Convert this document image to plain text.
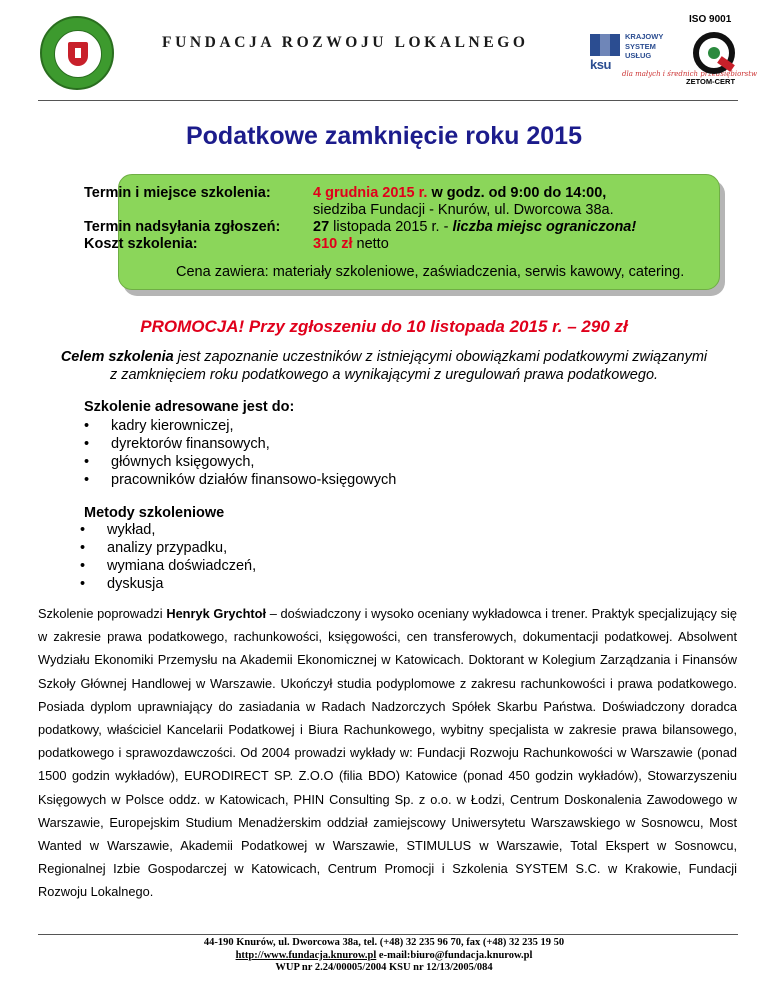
FUNDACJA ROZWOJU LOKALNEGO
ksu
KRAJOWY
SYSTEM
USŁUG
dla małych i średnich przedsiębiorstw
ISO 9001
ZETOM-CERT
Podatkowe zamknięcie roku 2015
Termin i miejsce szkolenia:	4 grudnia 2015 r. w godz. od 9:00 do 14:00,
siedziba Fundacji - Knurów, ul. Dworcowa 38a.
Termin nadsyłania zgłoszeń: 27 listopada 2015 r. - liczba miejsc ograniczona!
Koszt szkolenia:	310 zł netto
Cena zawiera: materiały szkoleniowe, zaświadczenia, serwis kawowy, catering.
PROMOCJA! Przy zgłoszeniu do 10 listopada 2015 r. – 290 zł
Celem szkolenia jest zapoznanie uczestników z istniejącymi obowiązkami podatkowymi związanymi
z zamknięciem roku podatkowego a wynikającymi z uregulowań prawa podatkowego.
Szkolenie adresowane jest do:
• kadry kierowniczej,
• dyrektorów finansowych,
• głównych księgowych,
• pracowników działów finansowo-księgowych
Metody szkoleniowe
• wykład,
• analizy przypadku,
• wymiana doświadczeń,
• dyskusja

Szkolenie poprowadzi Henryk Grychtoł – doświadczony i wysoko oceniany wykładowca i trener. Praktyk specjalizujący się w zakresie prawa podatkowego, rachunkowości, księgowości, cen transferowych, dokumentacji podatkowej. Absolwent Wydziału Ekonomiki Przemysłu na Akademii Ekonomicznej w Katowicach. Doktorant w Kolegium Zarządzania i Finansów Szkoły Głównej Handlowej w Warszawie. Ukończył studia podyplomowe z zakresu rachunkowości i prawa podatkowego. Posiada dyplom uprawniający do zasiadania w Radach Nadzorczych Spółek Skarbu Państwa. Doświadczony doradca podatkowy, właściciel Kancelarii Podatkowej i Biura Rachunkowego, wybitny specjalista w zakresie prawa bilansowego, podatkowego i sprawozdawczości. Od 2004 prowadzi wykłady w: Fundacji Rozwoju Rachunkowości w Warszawie (ponad 1500 godzin wykładów), EURODIRECT SP. Z.O.O (filia BDO) Katowice (ponad 450 godzin wykładów), Stowarzyszeniu Księgowych w Polsce oddz. w Katowicach, PHIN Consulting Sp. z o.o. w Łodzi, Centrum Doskonalenia Zawodowego w Warszawie, Europejskim Studium Menadżerskim oddział zamiejscowy Uniwersytetu Warszawskiego w Sosnowcu, Most Wanted w Warszawie, Akademii Podatkowej w Warszawie, STIMULUS w Warszawie, Total Ekspert w Sosnowcu, Regionalnej Izbie Gospodarczej w Katowicach, Centrum Promocji i Szkolenia SYSTEM S.C. w Krakowie, Fundacji Rozwoju Lokalnego.

44-190 Knurów, ul. Dworcowa 38a, tel. (+48) 32 235 96 70, fax (+48) 32 235 19 50
http://www.fundacja.knurow.pl e-mail:biuro@fundacja.knurow.pl
WUP nr 2.24/00005/2004 KSU nr 12/13/2005/084
